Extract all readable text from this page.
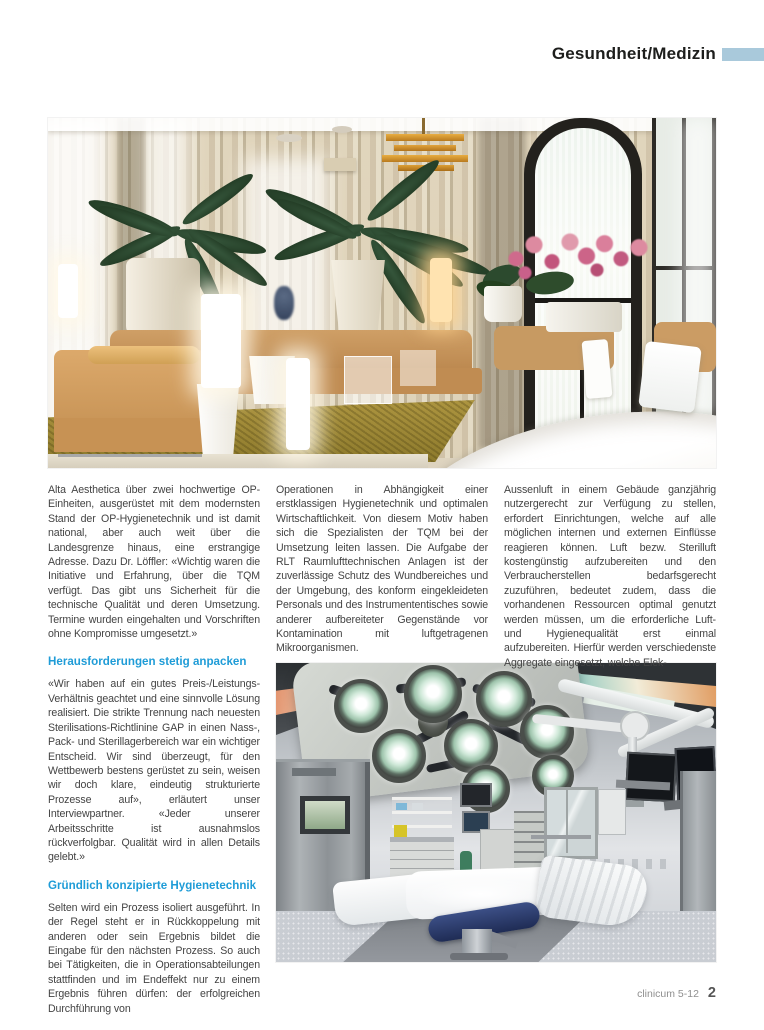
Gesundheit/Medizin

Alta Aesthetica über zwei hochwertige OP-Einheiten, ausgerüstet mit dem modernsten Stand der OP-Hygienetechnik und ist damit national, aber auch weit über die Landesgrenze hinaus, eine erstrangige Adresse. Dazu Dr. Löffler: «Wichtig waren die Initiative und Erfahrung, über die TQM verfügt. Das gibt uns Sicherheit für die technische Qualität und deren Umsetzung. Termine wurden eingehalten und Vorschriften ohne Kompromisse umgesetzt.»

Herausforderungen stetig anpacken

«Wir haben auf ein gutes Preis-/Leistungs-Verhältnis geachtet und eine sinnvolle Lösung realisiert. Die strikte Trennung nach neuesten Sterilisations-Richtlinine GAP in einen Nass-, Pack- und Sterillagerbereich war ein wichtiger Entscheid. Wir sind überzeugt, für den Wettbewerb bestens gerüstet zu sein, weisen wir doch klare, eindeutig strukturierte Prozesse auf», erläutert unser Interviewpartner. «Jeder unserer Arbeitsschritte ist ausnahmslos rückverfolgbar. Qualität wird in allen Details gelebt.»

Gründlich konzipierte Hygienetechnik

Selten wird ein Prozess isoliert ausgeführt. In der Regel steht er in Rückkoppelung mit anderen oder sein Ergebnis bildet die Eingabe für den nächsten Prozess. So auch bei Tätigkeiten, die in Operationsabteilungen stattfinden und im Endeffekt nur zu einem Ergebnis führen dürfen: der erfolgreichen Durchführung von

Operationen in Abhängigkeit einer erstklassigen Hygienetechnik und optimalen Wirtschaftlichkeit. Von diesem Motiv haben sich die Spezialisten der TQM bei der Umsetzung leiten lassen. Die Aufgabe der RLT Raumlufttechnischen Anlagen ist der zuverlässige Schutz des Wundbereiches und der Umgebung, des konform eingekleideten Personals und des Instrumententisches sowie anderer aufbereiteter Gegenstände vor Kontamination mit luftgetragenen Mikroorganismen.

Aussenluft in einem Gebäude ganzjährig nutzergerecht zur Verfügung zu stellen, erfordert Einrichtungen, welche auf alle möglichen internen und externen Einflüsse reagieren können. Luft bezw. Sterilluft kostengünstig aufzubereiten und den Verbraucherstellen bedarfsgerecht zuzuführen, bedeutet zudem, dass die vorhandenen Ressourcen optimal genutzt werden müssen, um die erforderliche Luft- und Hygienequalität erst einmal aufzubereiten. Hierfür werden verschiedenste Aggregate eingesetzt, welche Elek-

clinicum 5-12 2
